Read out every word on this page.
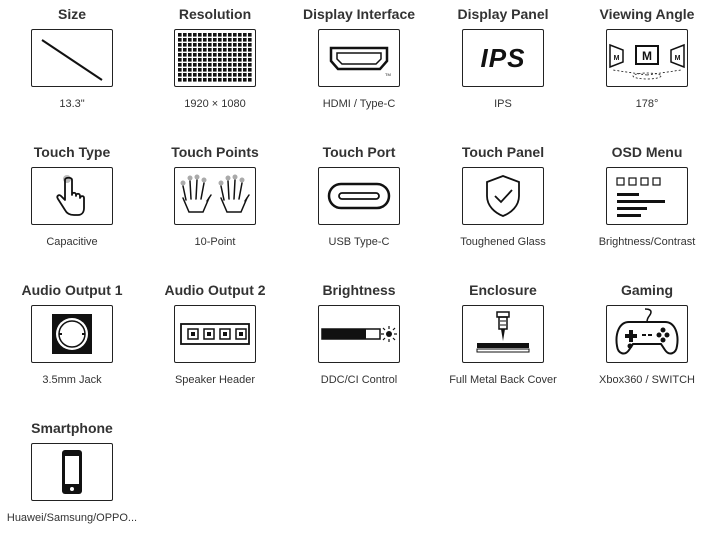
Size
13.3"
Resolution
1920 × 1080
Display Interface
TM
HDMI / Type-C
Display Panel
IPS
IPS
Viewing Angle
M
M	M
178°
Touch Type
Capacitive
Touch Points
10-Point
Touch Port
USB Type-C
Touch Panel
Toughened Glass
OSD Menu
Brightness/Contrast
Audio Output 1
3.5mm Jack
Audio Output 2
Speaker Header
Brightness
DDC/CI Control
Enclosure
Full Metal Back Cover
Gaming
Xbox360 / SWITCH
Smartphone
Huawei/Samsung/OPPO...
